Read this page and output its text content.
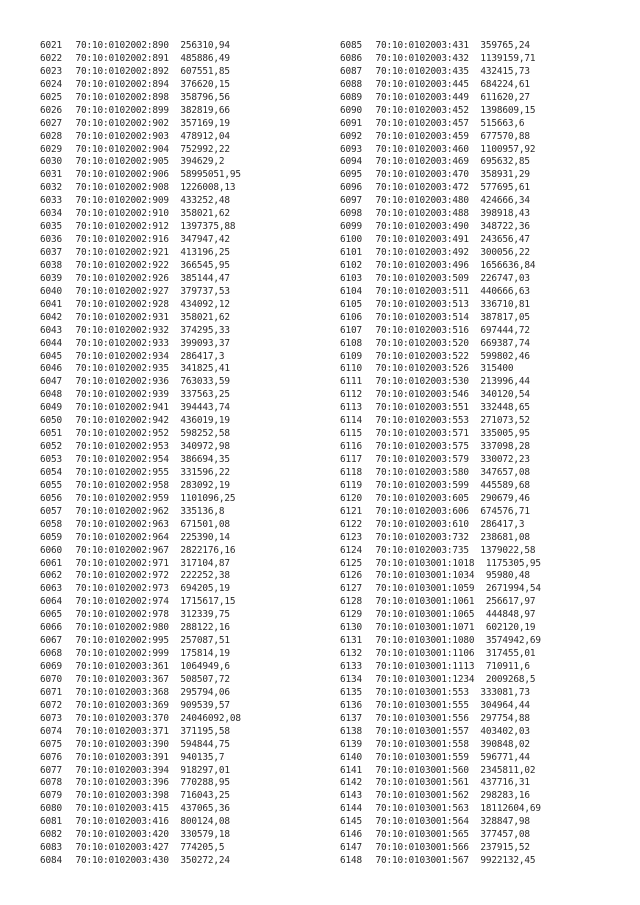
6021 70:10:0102002:890 256310,94
6022 70:10:0102002:891 485886,49
6023 70:10:0102002:892 607551,85
6024 70:10:0102002:894 376620,15
6025 70:10:0102002:898 358796,56
6026 70:10:0102002:899 382819,66
6027 70:10:0102002:902 357169,19
6028 70:10:0102002:903 478912,04
6029 70:10:0102002:904 752992,22
6030 70:10:0102002:905 394629,2
6031 70:10:0102002:906 58995051,95
6032 70:10:0102002:908 1226008,13
6033 70:10:0102002:909 433252,48
6034 70:10:0102002:910 358021,62
6035 70:10:0102002:912 1397375,88
6036 70:10:0102002:916 347947,42
6037 70:10:0102002:921 413196,25
6038 70:10:0102002:922 366545,95
6039 70:10:0102002:926 385144,47
6040 70:10:0102002:927 379737,53
6041 70:10:0102002:928 434092,12
6042 70:10:0102002:931 358021,62
6043 70:10:0102002:932 374295,33
6044 70:10:0102002:933 399093,37
6045 70:10:0102002:934 286417,3
6046 70:10:0102002:935 341825,41
6047 70:10:0102002:936 763033,59
6048 70:10:0102002:939 337563,25
6049 70:10:0102002:941 394443,74
6050 70:10:0102002:942 436019,19
6051 70:10:0102002:952 598252,58
6052 70:10:0102002:953 340972,98
6053 70:10:0102002:954 386694,35
6054 70:10:0102002:955 331596,22
6055 70:10:0102002:958 283092,19
6056 70:10:0102002:959 1101096,25
6057 70:10:0102002:962 335136,8
6058 70:10:0102002:963 671501,08
6059 70:10:0102002:964 225390,14
6060 70:10:0102002:967 2822176,16
6061 70:10:0102002:971 317104,87
6062 70:10:0102002:972 222252,38
6063 70:10:0102002:973 694205,19
6064 70:10:0102002:974 1715617,15
6065 70:10:0102002:978 312339,75
6066 70:10:0102002:980 288122,16
6067 70:10:0102002:995 257087,51
6068 70:10:0102002:999 175814,19
6069 70:10:0102003:361 1064949,6
6070 70:10:0102003:367 508507,72
6071 70:10:0102003:368 295794,06
6072 70:10:0102003:369 909539,57
6073 70:10:0102003:370 24046092,08
6074 70:10:0102003:371 371195,58
6075 70:10:0102003:390 594844,75
6076 70:10:0102003:391 940135,7
6077 70:10:0102003:394 918297,01
6078 70:10:0102003:396 770288,95
6079 70:10:0102003:398 716043,25
6080 70:10:0102003:415 437065,36
6081 70:10:0102003:416 800124,08
6082 70:10:0102003:420 330579,18
6083 70:10:0102003:427 774205,5
6084 70:10:0102003:430 350272,24
6085 70:10:0102003:431 359765,24
6086 70:10:0102003:432 1139159,71
6087 70:10:0102003:435 432415,73
6088 70:10:0102003:445 684224,61
6089 70:10:0102003:449 611620,27
6090 70:10:0102003:452 1398609,15
6091 70:10:0102003:457 515663,6
6092 70:10:0102003:459 677570,88
6093 70:10:0102003:460 1100957,92
6094 70:10:0102003:469 695632,85
6095 70:10:0102003:470 358931,29
6096 70:10:0102003:472 577695,61
6097 70:10:0102003:480 424666,34
6098 70:10:0102003:488 398918,43
6099 70:10:0102003:490 348722,36
6100 70:10:0102003:491 243656,47
6101 70:10:0102003:492 300056,22
6102 70:10:0102003:496 1656636,84
6103 70:10:0102003:509 226747,03
6104 70:10:0102003:511 440666,63
6105 70:10:0102003:513 336710,81
6106 70:10:0102003:514 387817,05
6107 70:10:0102003:516 697444,72
6108 70:10:0102003:520 669387,74
6109 70:10:0102003:522 599802,46
6110 70:10:0102003:526 315400
6111 70:10:0102003:530 213996,44
6112 70:10:0102003:546 340120,54
6113 70:10:0102003:551 332448,65
6114 70:10:0102003:553 271073,52
6115 70:10:0102003:571 335005,95
6116 70:10:0102003:575 337098,28
6117 70:10:0102003:579 330072,23
6118 70:10:0102003:580 347657,08
6119 70:10:0102003:599 445589,68
6120 70:10:0102003:605 290679,46
6121 70:10:0102003:606 674576,71
6122 70:10:0102003:610 286417,3
6123 70:10:0102003:732 238681,08
6124 70:10:0102003:735 1379022,58
6125 70:10:0103001:1018 1175305,95
6126 70:10:0103001:1034 95980,48
6127 70:10:0103001:1059 2671994,54
6128 70:10:0103001:1061 256617,97
6129 70:10:0103001:1065 444848,97
6130 70:10:0103001:1071 602120,19
6131 70:10:0103001:1080 3574942,69
6132 70:10:0103001:1106 317455,01
6133 70:10:0103001:1113 710911,6
6134 70:10:0103001:1234 2009268,5
6135 70:10:0103001:553 333081,73
6136 70:10:0103001:555 304964,44
6137 70:10:0103001:556 297754,88
6138 70:10:0103001:557 403402,03
6139 70:10:0103001:558 390848,02
6140 70:10:0103001:559 596771,44
6141 70:10:0103001:560 2345811,02
6142 70:10:0103001:561 437716,31
6143 70:10:0103001:562 298283,16
6144 70:10:0103001:563 18112604,69
6145 70:10:0103001:564 328847,98
6146 70:10:0103001:565 377457,08
6147 70:10:0103001:566 237915,52
6148 70:10:0103001:567 9922132,45
